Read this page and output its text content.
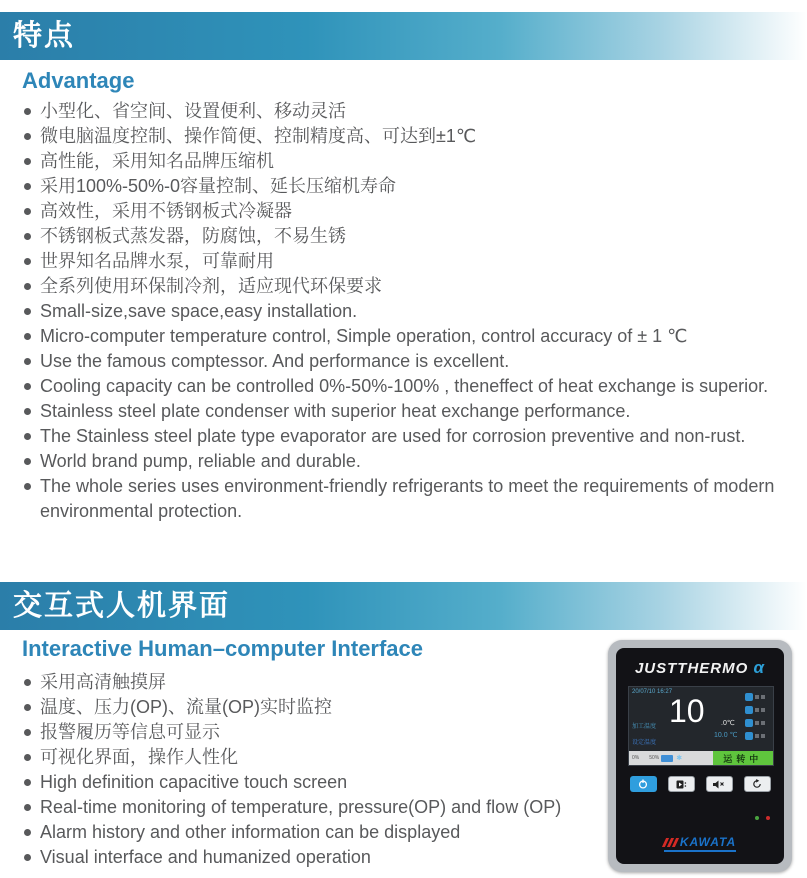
特点
Advantage
小型化、省空间、设置便利、移动灵活
微电脑温度控制、操作简便、控制精度高、可达到±1℃
高性能，采用知名品牌压缩机
采用100%-50%-0容量控制、延长压缩机寿命
高效性，采用不锈钢板式冷凝器
不锈钢板式蒸发器，防腐蚀，不易生锈
世界知名品牌水泵，可靠耐用
全系列使用环保制冷剂，适应现代环保要求
Small-size,save space,easy installation.
Micro-computer temperature control, Simple operation, control accuracy of ± 1 ℃
Use the famous comptessor. And performance is excellent.
Cooling capacity can be controlled 0%-50%-100% , theneffect of heat exchange is superior.
Stainless steel plate condenser with superior heat exchange performance.
The Stainless steel plate type evaporator are used for corrosion preventive and non-rust.
World brand pump, reliable and durable.
The whole series uses environment-friendly refrigerants to meet the requirements of modern environmental protection.
交互式人机界面
Interactive Human–computer Interface
采用高清触摸屏
温度、压力(OP)、流量(OP)实时监控
报警履历等信息可显示
可视化界面，操作人性化
High definition capacitive touch screen
Real-time monitoring of temperature, pressure(OP) and flow (OP)
Alarm history and other information can be displayed
Visual interface and humanized operation
JUSTTHERMO α
20/07/10 16:27
加工温度
设定温度
10 .0℃
10.0 ℃
0% 50% ✱	运转中
KAWATA
